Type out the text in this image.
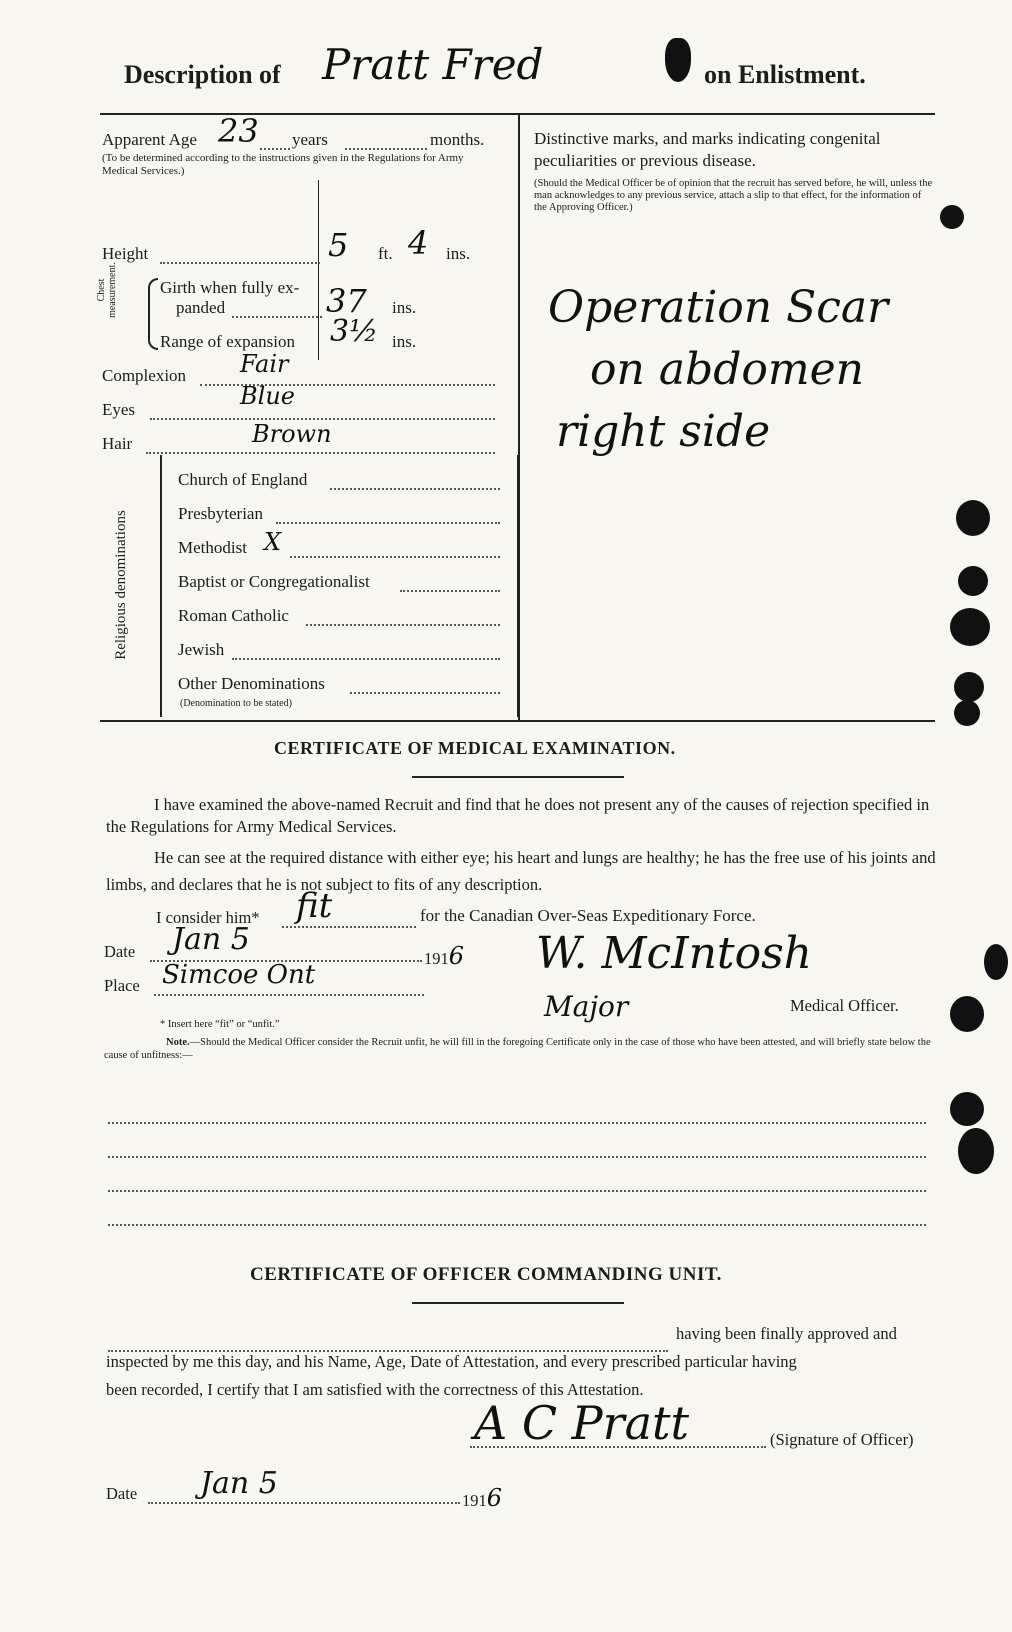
Description of Pratt Fred	on Enlistment.
Apparent Age 23 years	months.
(To be determined according to the instructions given in the Regulations for Army Medical Services.)
Height	5 ft. 4 ins.
Chest measurement. Girth when fully ex-
panded	37 ins.
Range of expansion 3½ ins.
Complexion Fair
Eyes	Blue
Hair	Brown
Religious denominations
Church of England
Presbyterian
Methodist X
Baptist or Congregationalist
Roman Catholic
Jewish
Other Denominations
(Denomination to be stated)
Distinctive marks, and marks indicating congenital peculiarities or previous disease.
(Should the Medical Officer be of opinion that the recruit has served before, he will, unless the man acknowledges to any previous service, attach a slip to that effect, for the information of the Approving Officer.)
Operation Scar
on abdomen
right side
CERTIFICATE OF MEDICAL EXAMINATION.
I have examined the above-named Recruit and find that he does not present any of the causes of rejection specified in the Regulations for Army Medical Services.
He can see at the required distance with either eye; his heart and lungs are healthy; he has the free use of his joints and limbs, and declares that he is not subject to fits of any description.
I consider him* fit	for the Canadian Over-Seas Expeditionary Force.
Date Jan 5
1916
Place Simcoe Ont	W. McIntosh
Major	Medical Officer.
* Insert here “fit” or “unfit.”
Note.—Should the Medical Officer consider the Recruit unfit, he will fill in the foregoing Certificate only in the case of those who have been attested, and will briefly state below the cause of unfitness:—
CERTIFICATE OF OFFICER COMMANDING UNIT.
having been finally approved and
inspected by me this day, and his Name, Age, Date of Attestation, and every prescribed particular having
been recorded, I certify that I am satisfied with the correctness of this Attestation.
A C Pratt	(Signature of Officer)
Date Jan 5	1916
